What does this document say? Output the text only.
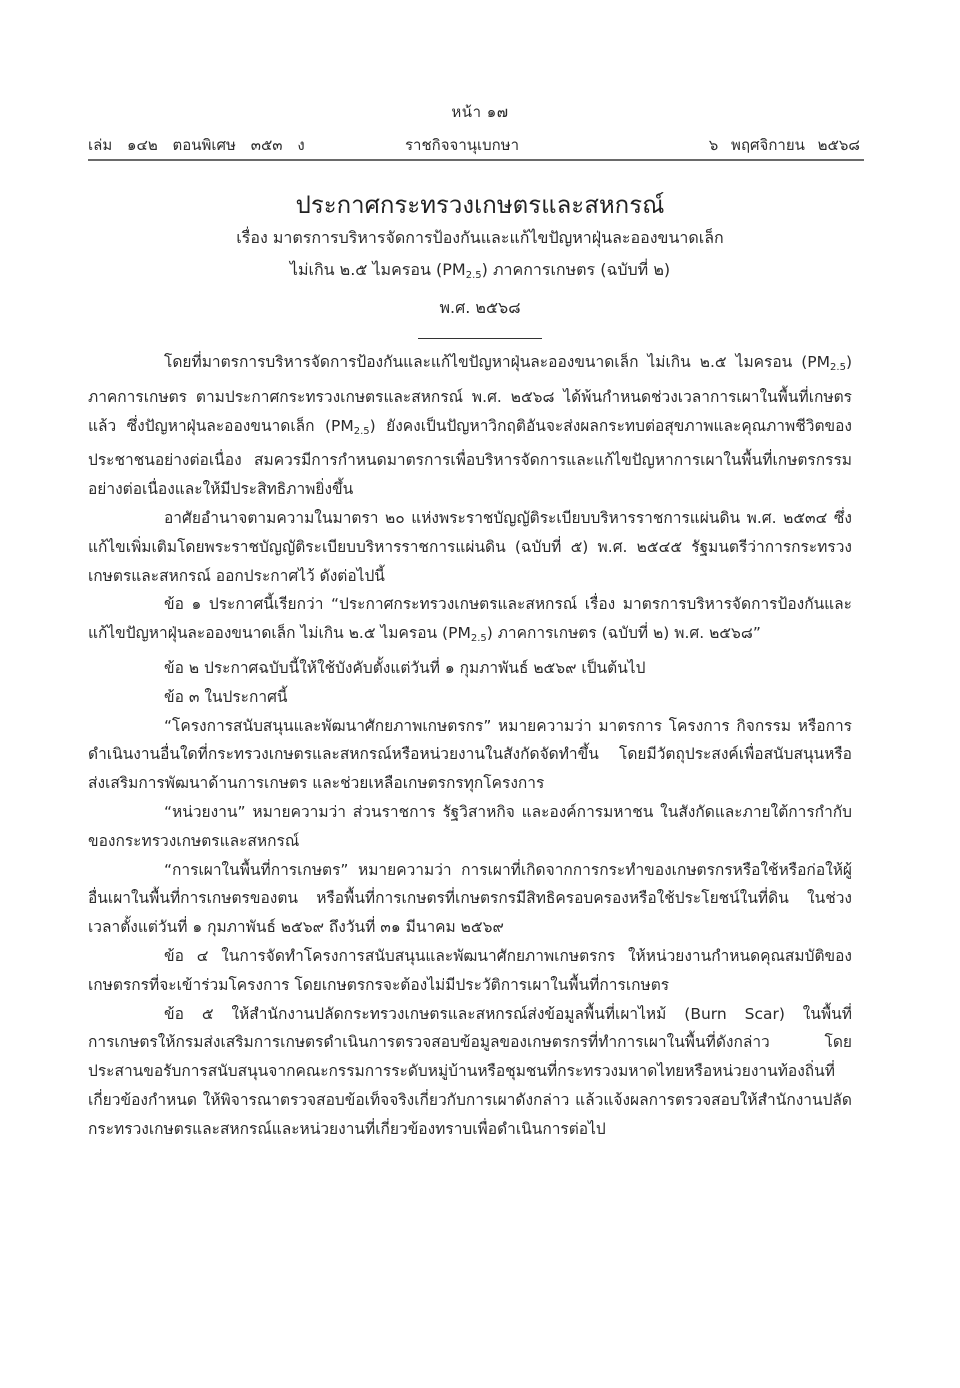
หน้า ๑๗
เล่ม ๑๔๒ ตอนพิเศษ ๓๕๓ ง	ราชกิจจานุเบกษา	๖ พฤศจิกายน ๒๕๖๘
ประกาศกระทรวงเกษตรและสหกรณ์

เรื่อง มาตรการบริหารจัดการป้องกันและแก้ไขปัญหาฝุ่นละอองขนาดเล็ก

ไม่เกิน ๒.๕ ไมครอน $(PM_{2.5})$ ภาคการเกษตร (ฉบับที่ ๒)

พ.ศ. ๒๕๖๘

โดยที่มาตรการบริหารจัดการป้องกันและแก้ไขปัญหาฝุ่นละอองขนาดเล็ก ไม่เกิน ๒.๕ ไมครอน $(PM_{2.5})$ ภาคการเกษตร ตามประกาศกระทรวงเกษตรและสหกรณ์ พ.ศ. ๒๕๖๘ ได้พ้นกำหนดช่วงเวลาการเผาในพื้นที่เกษตรแล้ว ซึ่งปัญหาฝุ่นละอองขนาดเล็ก $(PM_{2.5})$ ยังคงเป็นปัญหาวิกฤติอันจะส่งผลกระทบต่อสุขภาพและคุณภาพชีวิตของประชาชนอย่างต่อเนื่อง สมควรมีการกำหนดมาตรการเพื่อบริหารจัดการและแก้ไขปัญหาการเผาในพื้นที่เกษตรกรรมอย่างต่อเนื่องและให้มีประสิทธิภาพยิ่งขึ้น

อาศัยอำนาจตามความในมาตรา ๒๐ แห่งพระราชบัญญัติระเบียบบริหารราชการแผ่นดิน พ.ศ. ๒๕๓๔ ซึ่งแก้ไขเพิ่มเติมโดยพระราชบัญญัติระเบียบบริหารราชการแผ่นดิน (ฉบับที่ ๕) พ.ศ. ๒๕๔๕ รัฐมนตรีว่าการกระทรวงเกษตรและสหกรณ์ ออกประกาศไว้ ดังต่อไปนี้

ข้อ ๑ ประกาศนี้เรียกว่า “ประกาศกระทรวงเกษตรและสหกรณ์ เรื่อง มาตรการบริหารจัดการป้องกันและแก้ไขปัญหาฝุ่นละอองขนาดเล็ก ไม่เกิน ๒.๕ ไมครอน $(PM_{2.5})$ ภาคการเกษตร (ฉบับที่ ๒) พ.ศ. ๒๕๖๘”

ข้อ ๒ ประกาศฉบับนี้ให้ใช้บังคับตั้งแต่วันที่ ๑ กุมภาพันธ์ ๒๕๖๙ เป็นต้นไป

ข้อ ๓ ในประกาศนี้

“โครงการสนับสนุนและพัฒนาศักยภาพเกษตรกร” หมายความว่า มาตรการ โครงการ กิจกรรม หรือการดำเนินงานอื่นใดที่กระทรวงเกษตรและสหกรณ์หรือหน่วยงานในสังกัดจัดทำขึ้น โดยมีวัตถุประสงค์เพื่อสนับสนุนหรือส่งเสริมการพัฒนาด้านการเกษตร และช่วยเหลือเกษตรกรทุกโครงการ

“หน่วยงาน” หมายความว่า ส่วนราชการ รัฐวิสาหกิจ และองค์การมหาชน ในสังกัดและภายใต้การกำกับของกระทรวงเกษตรและสหกรณ์

“การเผาในพื้นที่การเกษตร” หมายความว่า การเผาที่เกิดจากการกระทำของเกษตรกรหรือใช้หรือก่อให้ผู้อื่นเผาในพื้นที่การเกษตรของตน หรือพื้นที่การเกษตรที่เกษตรกรมีสิทธิครอบครองหรือใช้ประโยชน์ในที่ดิน ในช่วงเวลาตั้งแต่วันที่ ๑ กุมภาพันธ์ ๒๕๖๙ ถึงวันที่ ๓๑ มีนาคม ๒๕๖๙

ข้อ ๔ ในการจัดทำโครงการสนับสนุนและพัฒนาศักยภาพเกษตรกร ให้หน่วยงานกำหนดคุณสมบัติของเกษตรกรที่จะเข้าร่วมโครงการ โดยเกษตรกรจะต้องไม่มีประวัติการเผาในพื้นที่การเกษตร

ข้อ ๕ ให้สำนักงานปลัดกระทรวงเกษตรและสหกรณ์ส่งข้อมูลพื้นที่เผาไหม้ (Burn Scar) ในพื้นที่การเกษตรให้กรมส่งเสริมการเกษตรดำเนินการตรวจสอบข้อมูลของเกษตรกรที่ทำการเผาในพื้นที่ดังกล่าว โดยประสานขอรับการสนับสนุนจากคณะกรรมการระดับหมู่บ้านหรือชุมชนที่กระทรวงมหาดไทยหรือหน่วยงานท้องถิ่นที่เกี่ยวข้องกำหนด ให้พิจารณาตรวจสอบข้อเท็จจริงเกี่ยวกับการเผาดังกล่าว แล้วแจ้งผลการตรวจสอบให้สำนักงานปลัดกระทรวงเกษตรและสหกรณ์และหน่วยงานที่เกี่ยวข้องทราบเพื่อดำเนินการต่อไป
